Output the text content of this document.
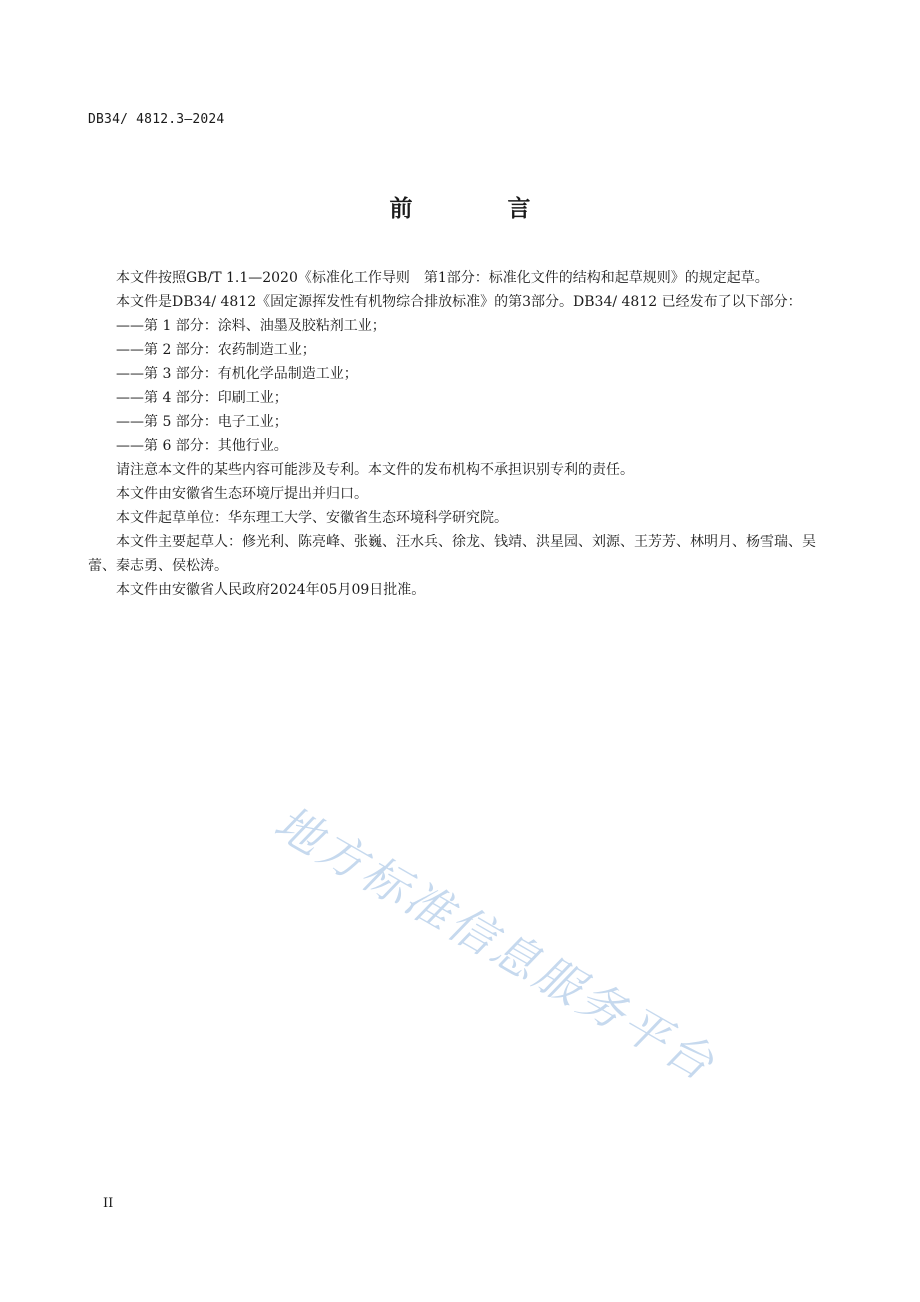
DB34/ 4812.3—2024
前　言

本文件按照GB/T 1.1—2020《标准化工作导则　第1部分：标准化文件的结构和起草规则》的规定起草。

本文件是DB34/ 4812《固定源挥发性有机物综合排放标准》的第3部分。DB34/ 4812 已经发布了以下部分：

——第 1 部分：涂料、油墨及胶粘剂工业；

——第 2 部分：农药制造工业；

——第 3 部分：有机化学品制造工业；

——第 4 部分：印刷工业；

——第 5 部分：电子工业；

——第 6 部分：其他行业。

请注意本文件的某些内容可能涉及专利。本文件的发布机构不承担识别专利的责任。

本文件由安徽省生态环境厅提出并归口。

本文件起草单位：华东理工大学、安徽省生态环境科学研究院。

本文件主要起草人：修光利、陈亮峰、张巍、汪水兵、徐龙、钱靖、洪星园、刘源、王芳芳、林明月、杨雪瑞、吴蕾、秦志勇、侯松涛。

本文件由安徽省人民政府2024年05月09日批准。

地方标准信息服务平台
II
